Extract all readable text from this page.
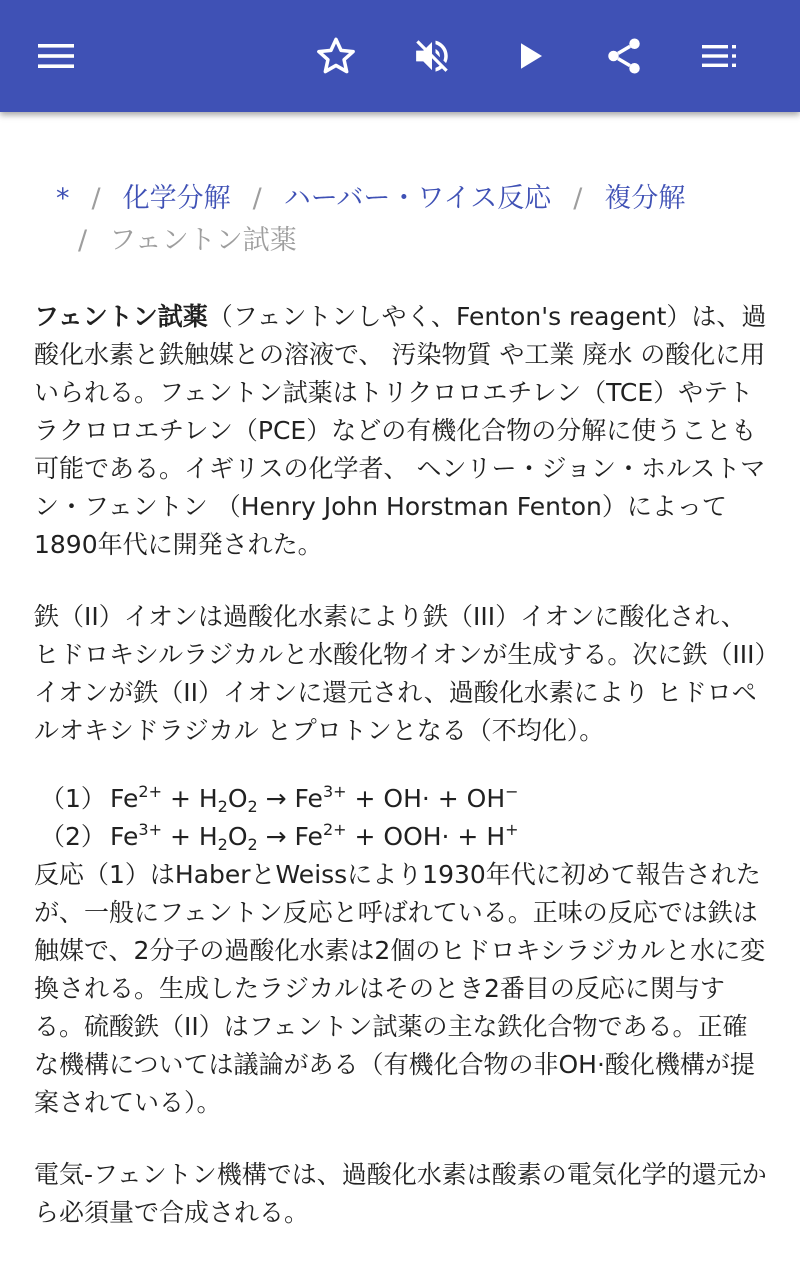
* / 化学分解 / ハーバー・ワイス反応 / 複分解
/ フェントン試薬

フェントン試薬（フェントンしやく、Fenton's reagent）は、過酸化水素と鉄触媒との溶液で、 汚染物質 や工業 廃水 の酸化に用いられる。フェントン試薬はトリクロロエチレン（TCE）やテトラクロロエチレン（PCE）などの有機化合物の分解に使うことも可能である。イギリスの化学者、 ヘンリー・ジョン・ホルストマン・フェントン （Henry John Horstman Fenton）によって1890年代に開発された。

鉄（II）イオンは過酸化水素により鉄（III）イオンに酸化され、ヒドロキシルラジカルと水酸化物イオンが生成する。次に鉄（III）イオンが鉄（II）イオンに還元され、過酸化水素により ヒドロペルオキシドラジカル とプロトンとなる（不均化）。

（1） $Fe^{2+} + H_2O_2 \to Fe^{3+} + OH\cdot + OH^-$
（2） $Fe^{3+} + H_2O_2 \to Fe^{2+} + OOH\cdot + H^+$

反応（1）はHaberとWeissにより1930年代に初めて報告されたが、一般にフェントン反応と呼ばれている。正味の反応では鉄は触媒で、2分子の過酸化水素は2個のヒドロキシラジカルと水に変換される。生成したラジカルはそのとき2番目の反応に関与する。硫酸鉄（II）はフェントン試薬の主な鉄化合物である。正確な機構については議論がある（有機化合物の非OH·酸化機構が提案されている）。

電気-フェントン機構では、過酸化水素は酸素の電気化学的還元から必須量で合成される。
